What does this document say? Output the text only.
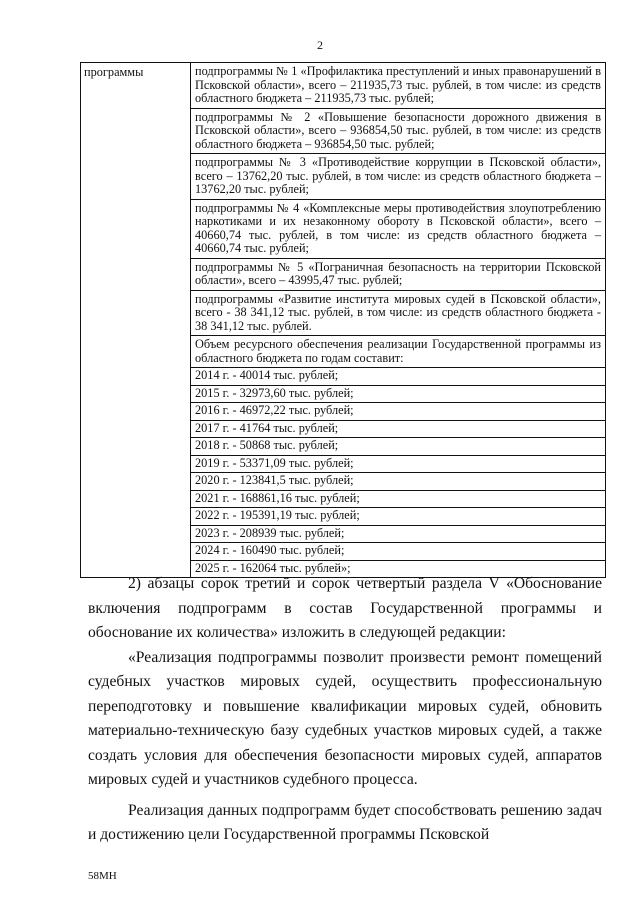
2
программы	подпрограммы № 1 «Профилактика преступлений и иных правонарушений в Псковской области», всего – 211935,73 тыс. рублей, в том числе: из средств областного бюджета – 211935,73 тыс. рублей;
подпрограммы № 2 «Повышение безопасности дорожного движения в Псковской области», всего – 936854,50 тыс. рублей, в том числе: из средств областного бюджета – 936854,50 тыс. рублей;
подпрограммы № 3 «Противодействие коррупции в Псковской области», всего – 13762,20 тыс. рублей, в том числе: из средств областного бюджета – 13762,20 тыс. рублей;
подпрограммы № 4 «Комплексные меры противодействия злоупотреблению наркотиками и их незаконному обороту в Псковской области», всего – 40660,74 тыс. рублей, в том числе: из средств областного бюджета – 40660,74 тыс. рублей;
подпрограммы № 5 «Пограничная безопасность на территории Псковской области», всего – 43995,47 тыс. рублей;
подпрограммы «Развитие института мировых судей в Псковской области», всего - 38 341,12 тыс. рублей, в том числе: из средств областного бюджета - 38 341,12 тыс. рублей.
Объем ресурсного обеспечения реализации Государственной программы из областного бюджета по годам составит:
2014 г. - 40014 тыс. рублей;
2015 г. - 32973,60 тыс. рублей;
2016 г. - 46972,22 тыс. рублей;
2017 г. - 41764 тыс. рублей;
2018 г. - 50868 тыс. рублей;
2019 г. - 53371,09 тыс. рублей;
2020 г. - 123841,5 тыс. рублей;
2021 г. - 168861,16 тыс. рублей;
2022 г. - 195391,19 тыс. рублей;
2023 г. - 208939 тыс. рублей;
2024 г. - 160490 тыс. рублей;
2025 г. - 162064 тыс. рублей»;

2) абзацы сорок третий и сорок четвертый раздела V «Обоснование включения подпрограмм в состав Государственной программы и обоснование их количества» изложить в следующей редакции:

«Реализация подпрограммы позволит произвести ремонт помещений судебных участков мировых судей, осуществить профессиональную переподготовку и повышение квалификации мировых судей, обновить материально-техническую базу судебных участков мировых судей, а также создать условия для обеспечения безопасности мировых судей, аппаратов мировых судей и участников судебного процесса.

Реализация данных подпрограмм будет способствовать решению задач и достижению цели Государственной программы Псковской

58МН
